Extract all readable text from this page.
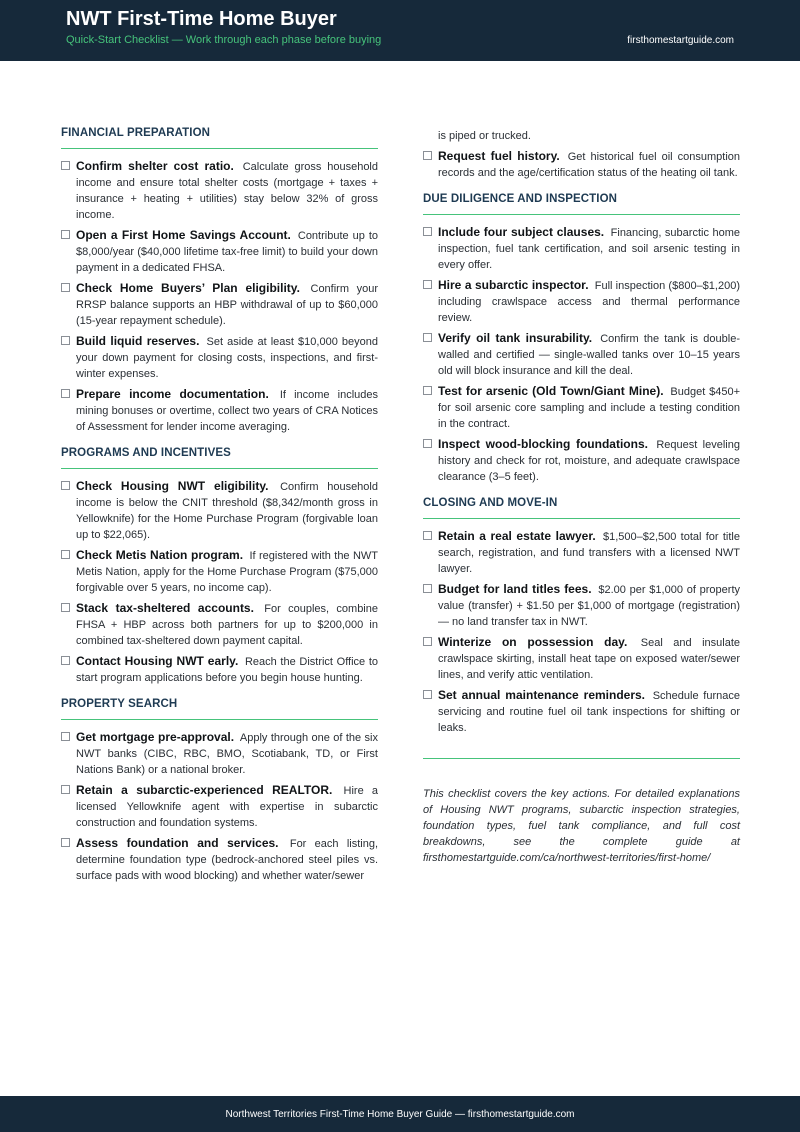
NWT First-Time Home Buyer
Quick-Start Checklist — Work through each phase before buying	firsthomestartguide.com
FINANCIAL PREPARATION
Confirm shelter cost ratio. Calculate gross household income and ensure total shelter costs (mortgage + taxes + insurance + heating + utilities) stay below 32% of gross income.
Open a First Home Savings Account. Contribute up to $8,000/year ($40,000 lifetime tax-free limit) to build your down payment in a dedicated FHSA.
Check Home Buyers’ Plan eligibility. Confirm your RRSP balance supports an HBP withdrawal of up to $60,000 (15-year repayment schedule).
Build liquid reserves. Set aside at least $10,000 beyond your down payment for closing costs, inspections, and first-winter expenses.
Prepare income documentation. If income includes mining bonuses or overtime, collect two years of CRA Notices of Assessment for lender income averaging.
PROGRAMS AND INCENTIVES
Check Housing NWT eligibility. Confirm household income is below the CNIT threshold ($8,342/month gross in Yellowknife) for the Home Purchase Program (forgivable loan up to $22,065).
Check Metis Nation program. If registered with the NWT Metis Nation, apply for the Home Purchase Program ($75,000 forgivable over 5 years, no income cap).
Stack tax-sheltered accounts. For couples, combine FHSA + HBP across both partners for up to $200,000 in combined tax-sheltered down payment capital.
Contact Housing NWT early. Reach the District Office to start program applications before you begin house hunting.
PROPERTY SEARCH
Get mortgage pre-approval. Apply through one of the six NWT banks (CIBC, RBC, BMO, Scotiabank, TD, or First Nations Bank) or a national broker.
Retain a subarctic-experienced REALTOR. Hire a licensed Yellowknife agent with expertise in subarctic construction and foundation systems.
Assess foundation and services. For each listing, determine foundation type (bedrock-anchored steel piles vs. surface pads with wood blocking) and whether water/sewer
is piped or trucked.
Request fuel history. Get historical fuel oil consumption records and the age/certification status of the heating oil tank.
DUE DILIGENCE AND INSPECTION
Include four subject clauses. Financing, subarctic home inspection, fuel tank certification, and soil arsenic testing in every offer.
Hire a subarctic inspector. Full inspection ($800–$1,200) including crawlspace access and thermal performance review.
Verify oil tank insurability. Confirm the tank is double-walled and certified — single-walled tanks over 10–15 years old will block insurance and kill the deal.
Test for arsenic (Old Town/Giant Mine). Budget $450+ for soil arsenic core sampling and include a testing condition in the contract.
Inspect wood-blocking foundations. Request leveling history and check for rot, moisture, and adequate crawlspace clearance (3–5 feet).
CLOSING AND MOVE-IN
Retain a real estate lawyer. $1,500–$2,500 total for title search, registration, and fund transfers with a licensed NWT lawyer.
Budget for land titles fees. $2.00 per $1,000 of property value (transfer) + $1.50 per $1,000 of mortgage (registration) — no land transfer tax in NWT.
Winterize on possession day. Seal and insulate crawlspace skirting, install heat tape on exposed water/sewer lines, and verify attic ventilation.
Set annual maintenance reminders. Schedule furnace servicing and routine fuel oil tank inspections for shifting or leaks.
This checklist covers the key actions. For detailed explanations of Housing NWT programs, subarctic inspection strategies, foundation types, fuel tank compliance, and full cost breakdowns, see the complete guide at firsthomestartguide.com/ca/northwest-territories/first-home/
Northwest Territories First-Time Home Buyer Guide — firsthomestartguide.com
